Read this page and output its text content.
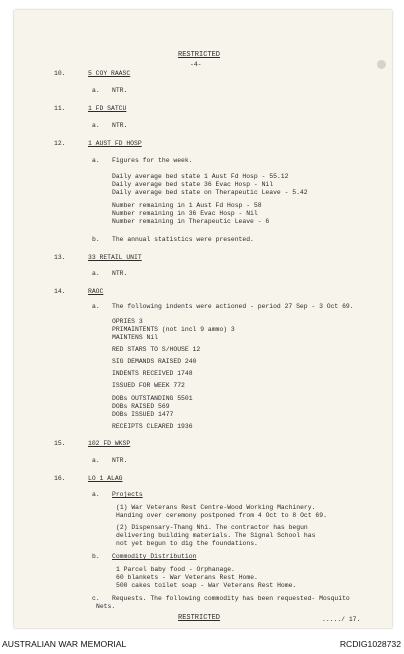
RESTRICTED
-4-
10.	5 COY RAASC
a. NTR.
11.	1 FD SATCU
a. NTR.
12.	1 AUST FD HOSP
a. Figures for the week.
Daily average bed state 1 Aust Fd Hosp - 55.12
Daily average bed state 36 Evac Hosp - Nil
Daily average bed state on Therapeutic Leave - 5.42
Number remaining in 1 Aust Fd Hosp - 58
Number remaining in 36 Evac Hosp - Nil
Number remaining in Therapeutic Leave - 6
b. The annual statistics were presented.
13.	33 RETAIL UNIT
a. NTR.
14.	RAOC
a. The following indents were actioned - period 27 Sep - 3 Oct 69.
OPRIES 3
PRIMAINTENTS (not incl 9 ammo) 3
MAINTENS Nil
RED STARS TO S/HOUSE 12
SIG DEMANDS RAISED 240
INDENTS RECEIVED 1748
ISSUED FOR WEEK 772
DOBs OUTSTANDING 5501
DOBs RAISED 569
DOBs ISSUED 1477
RECEIPTS CLEARED 1936
15.	102 FD WKSP
a. NTR.
16.	LO 1 ALAG
a. Projects
(1) War Veterans Rest Centre-Wood Working Machinery.
Handing over ceremony postponed from 4 Oct to 8 Oct 69.
(2) Dispensary-Thang Nhi. The contractor has begun
delivering building materials. The Signal School has
not yet begun to dig the foundations.
b. Commodity Distribution
1 Parcel baby food - Orphanage.
60 blankets - War Veterans Rest Home.
500 cakes toilet soap - War Veterans Rest Home.
c. Requests. The following commodity has been requested- Mosquito
Nets.
...../ 17.
RESTRICTED
AUSTRALIAN WAR MEMORIAL	RCDIG1028732
